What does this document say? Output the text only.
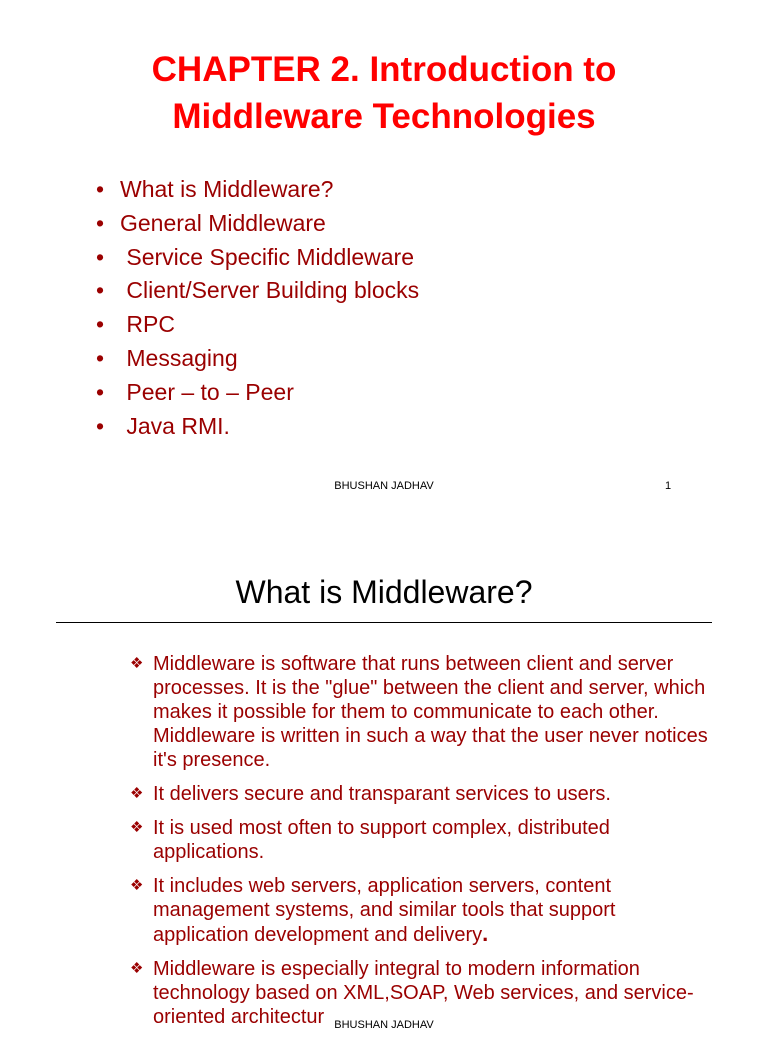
CHAPTER 2. Introduction to
Middleware Technologies
• What is Middleware?
• General Middleware
• Service Specific Middleware
• Client/Server Building blocks
• RPC
• Messaging
• Peer – to – Peer
• Java RMI.
BHUSHAN JADHAV	1
What is Middleware?
❖ Middleware is software that runs between client and server processes. It is the "glue" between the client and server, which makes it possible for them to communicate to each other. Middleware is written in such a way that the user never notices it's presence.
❖ It delivers secure and transparant services to users.
❖ It is used most often to support complex, distributed applications.
❖ It includes web servers, application servers, content management systems, and similar tools that support application development and delivery.
❖ Middleware is especially integral to modern information technology based on XML,SOAP, Web services, and service-oriented architectur BHUSHAN JADHAV
